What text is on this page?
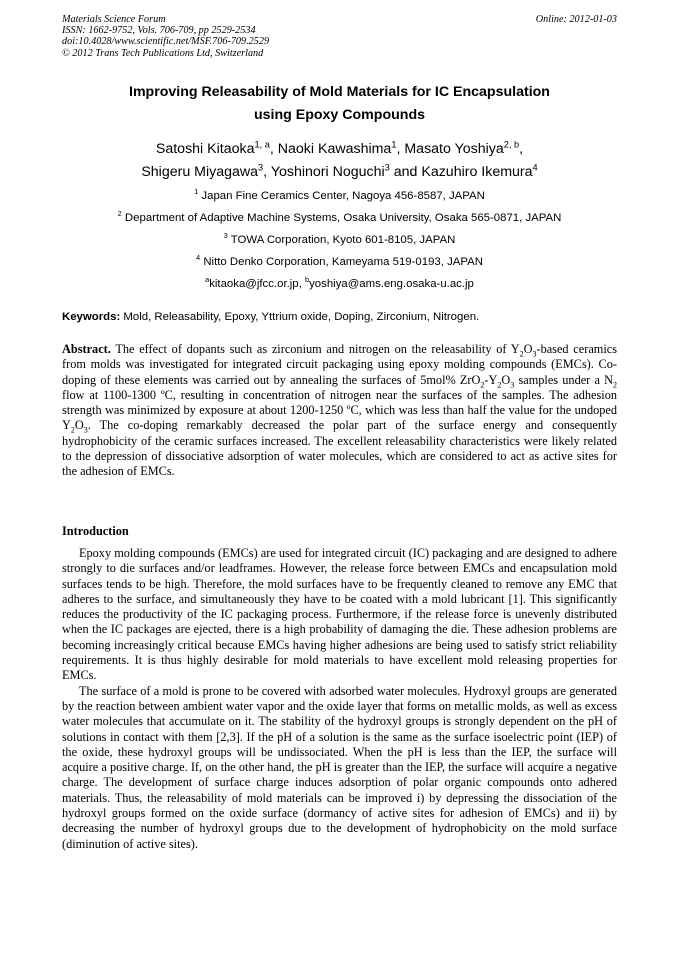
Materials Science Forum
ISSN: 1662-9752, Vols. 706-709, pp 2529-2534
doi:10.4028/www.scientific.net/MSF.706-709.2529
© 2012 Trans Tech Publications Ltd, Switzerland
Online: 2012-01-03
Improving Releasability of Mold Materials for IC Encapsulation
using Epoxy Compounds
Satoshi Kitaoka$^{1, a}$, Naoki Kawashima$^1$, Masato Yoshiya$^{2, b}$,
Shigeru Miyagawa$^3$, Yoshinori Noguchi$^3$ and Kazuhiro Ikemura$^4$
$^1$ Japan Fine Ceramics Center, Nagoya 456-8587, JAPAN
$^2$ Department of Adaptive Machine Systems, Osaka University, Osaka 565-0871, JAPAN
$^3$ TOWA Corporation, Kyoto 601-8105, JAPAN
$^4$ Nitto Denko Corporation, Kameyama 519-0193, JAPAN
$^a$kitaoka@jfcc.or.jp, $^b$yoshiya@ams.eng.osaka-u.ac.jp
Keywords: Mold, Releasability, Epoxy, Yttrium oxide, Doping, Zirconium, Nitrogen.
Abstract. The effect of dopants such as zirconium and nitrogen on the releasability of $Y_2O_3$-based ceramics from molds was investigated for integrated circuit packaging using epoxy molding compounds (EMCs). Co-doping of these elements was carried out by annealing the surfaces of 5mol% $ZrO_2-Y_2O_3$ samples under a $N_2$ flow at 1100-1300 ºC, resulting in concentration of nitrogen near the surfaces of the samples. The adhesion strength was minimized by exposure at about 1200-1250 ºC, which was less than half the value for the undoped $Y_2O_3$. The co-doping remarkably decreased the polar part of the surface energy and consequently hydrophobicity of the ceramic surfaces increased. The excellent releasability characteristics were likely related to the depression of dissociative adsorption of water molecules, which are considered to act as active sites for the adhesion of EMCs.
Introduction

Epoxy molding compounds (EMCs) are used for integrated circuit (IC) packaging and are designed to adhere strongly to die surfaces and/or leadframes. However, the release force between EMCs and encapsulation mold surfaces tends to be high. Therefore, the mold surfaces have to be frequently cleaned to remove any EMC that adheres to the surface, and simultaneously they have to be coated with a mold lubricant [1]. This significantly reduces the productivity of the IC packaging process. Furthermore, if the release force is unevenly distributed when the IC packages are ejected, there is a high probability of damaging the die. These adhesion problems are becoming increasingly critical because EMCs having higher adhesions are being used to satisfy strict reliability requirements. It is thus highly desirable for mold materials to have excellent mold releasing properties for EMCs.

The surface of a mold is prone to be covered with adsorbed water molecules. Hydroxyl groups are generated by the reaction between ambient water vapor and the oxide layer that forms on metallic molds, as well as excess water molecules that accumulate on it. The stability of the hydroxyl groups is strongly dependent on the pH of solutions in contact with them [2,3]. If the pH of a solution is the same as the surface isoelectric point (IEP) of the oxide, these hydroxyl groups will be undissociated. When the pH is less than the IEP, the surface will acquire a positive charge. If, on the other hand, the pH is greater than the IEP, the surface will acquire a negative charge. The development of surface charge induces adsorption of polar organic compounds onto adhered materials. Thus, the releasability of mold materials can be improved i) by depressing the dissociation of the hydroxyl groups formed on the oxide surface (dormancy of active sites for adhesion of EMCs) and ii) by decreasing the number of hydroxyl groups due to the development of hydrophobicity on the mold surface (diminution of active sites).
